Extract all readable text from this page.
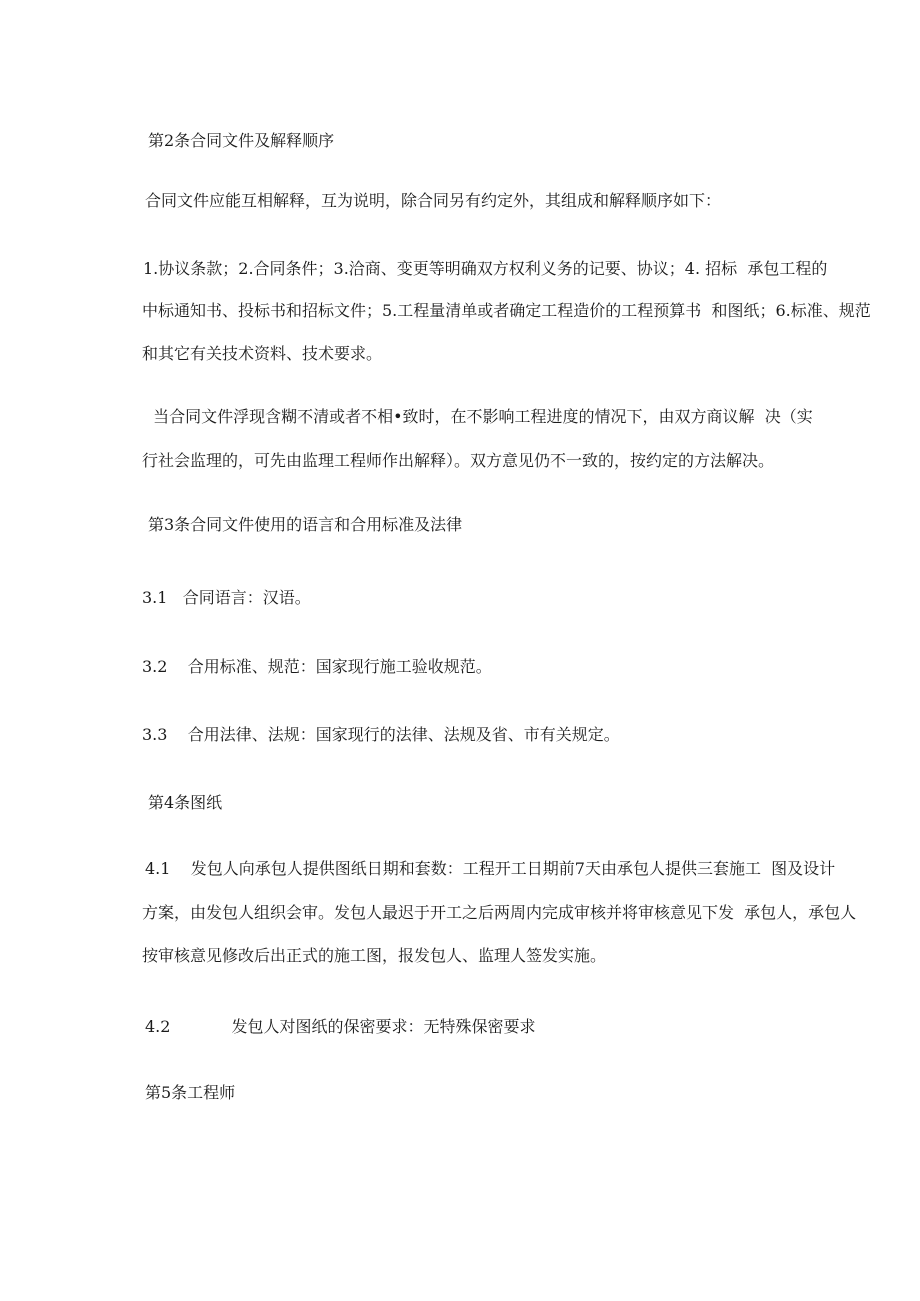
第2条合同文件及解释顺序
合同文件应能互相解释，互为说明，除合同另有约定外，其组成和解释顺序如下：
1.协议条款；2.合同条件；3.洽商、变更等明确双方权利义务的记要、协议；4. 招标  承包工程的
中标通知书、投标书和招标文件；5.工程量清单或者确定工程造价的工程预算书  和图纸；6.标准、规范
和其它有关技术资料、技术要求。
当合同文件浮现含糊不清或者不相•致时，在不影响工程进度的情况下，由双方商议解  决（实
行社会监理的，可先由监理工程师作出解释）。双方意见仍不一致的，按约定的方法解决。
第3条合同文件使用的语言和合用标准及法律
3.1   合同语言：汉语。
3.2    合用标准、规范：国家现行施工验收规范。
3.3    合用法律、法规：国家现行的法律、法规及省、市有关规定。
第4条图纸
4.1    发包人向承包人提供图纸日期和套数：工程开工日期前7天由承包人提供三套施工  图及设计
方案，由发包人组织会审。发包人最迟于开工之后两周内完成审核并将审核意见下发  承包人，承包人
按审核意见修改后出正式的施工图，报发包人、监理人签发实施。
4.2            发包人对图纸的保密要求：无特殊保密要求
第5条工程师
